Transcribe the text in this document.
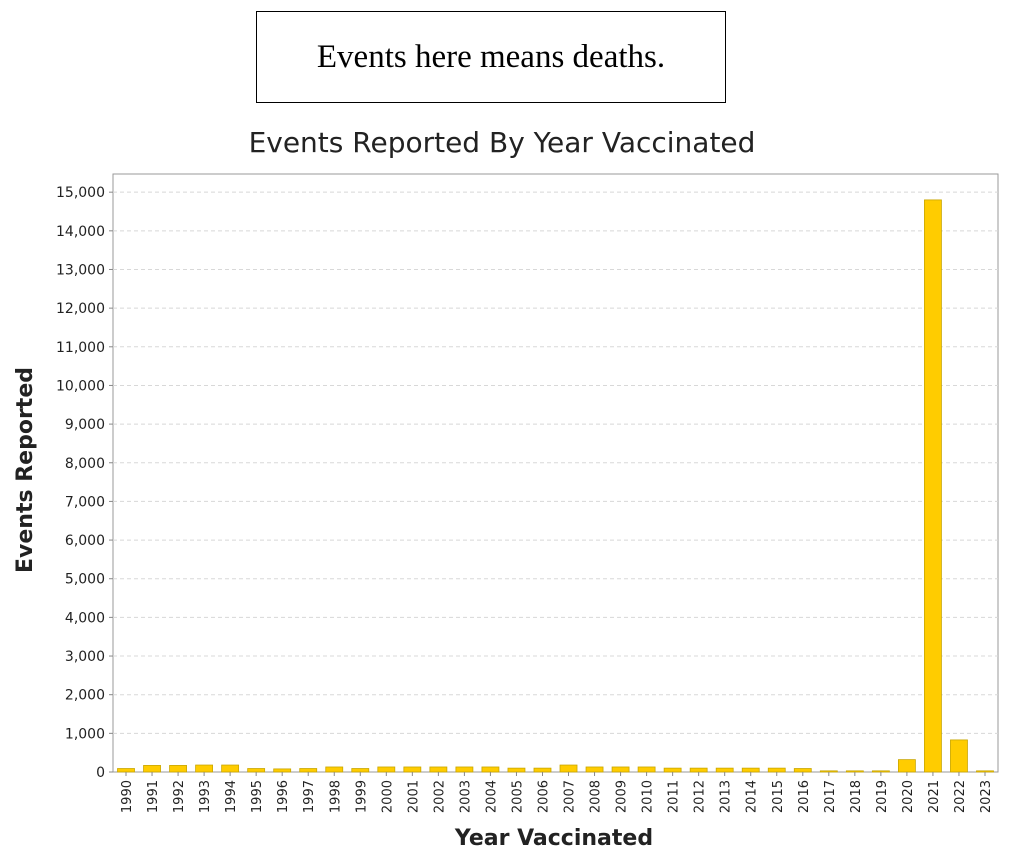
Events here means deaths.
Events Reported By Year Vaccinated
0
1,000
2,000
3,000
4,000
5,000
6,000
7,000
8,000
9,000
10,000
11,000
12,000
13,000
14,000
15,000
1990 1991 1992 1993 1994 1995 1996 1997 1998 1999 2000 2001 2002 2003 2004 2005 2006 2007 2008 2009 2010 2011 2012 2013 2014 2015 2016 2017 2018 2019 2020 2021 2022 2023
Year Vaccinated
Events Reported
